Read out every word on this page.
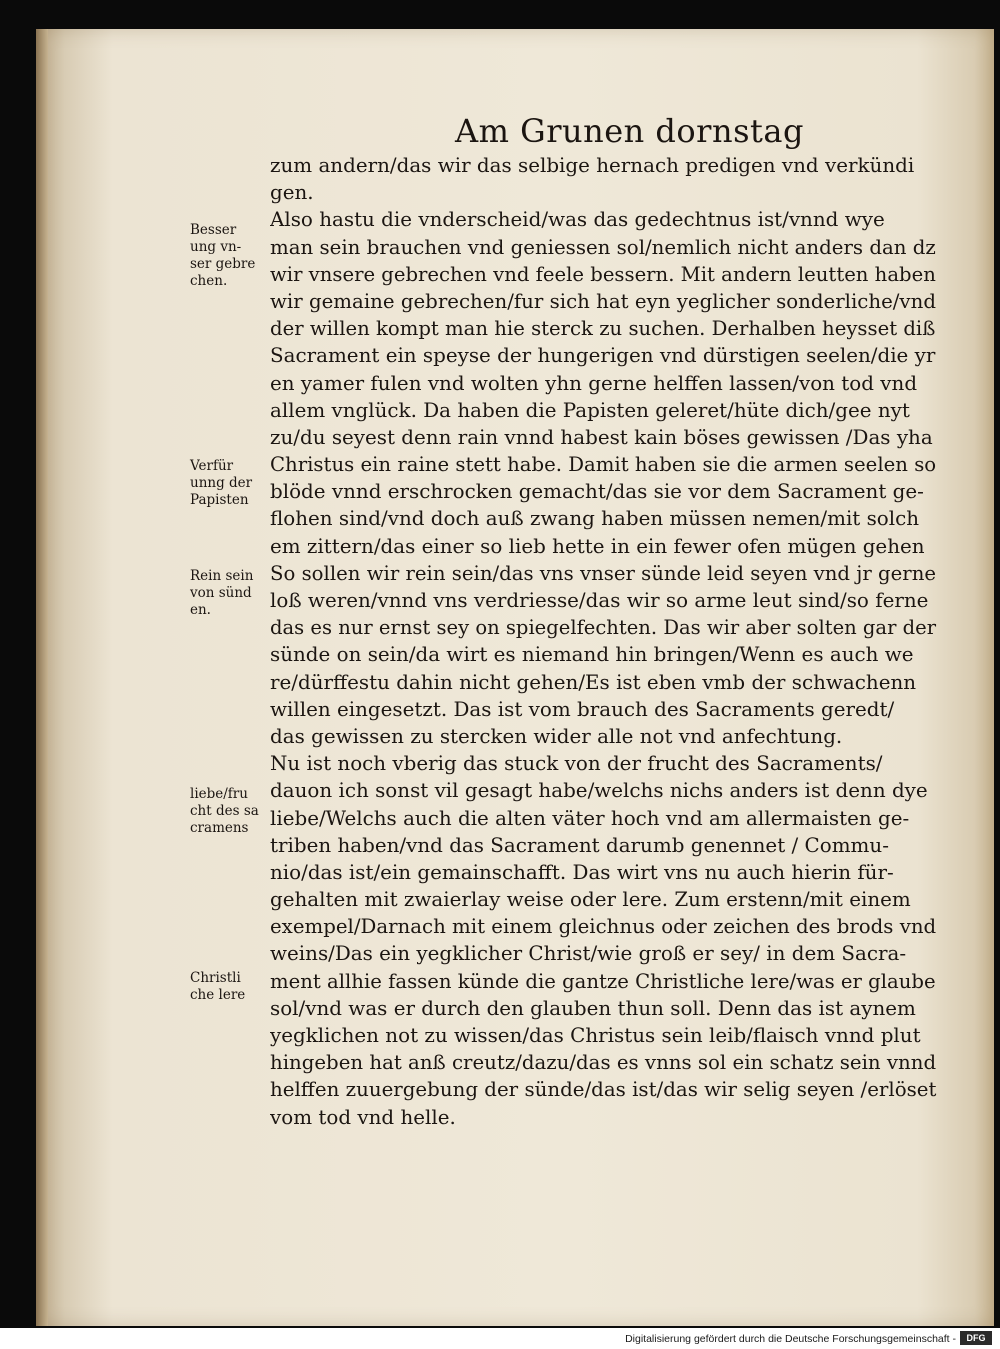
Am Grunen dornstag
zum andern/das wir das selbige hernach predigen vnd verkündi
gen.
Also hastu die vnderscheid/was das gedechtnus ist/vnnd wye
man sein brauchen vnd geniessen sol/nemlich nicht anders dan dz
wir vnsere gebrechen vnd feele bessern. Mit andern leutten haben
wir gemaine gebrechen/fur sich hat eyn yeglicher sonderliche/vnd
der willen kompt man hie sterck zu suchen. Derhalben heysset diß
Sacrament ein speyse der hungerigen vnd dürstigen seelen/die yr
en yamer fulen vnd wolten yhn gerne helffen lassen/von tod vnd
allem vnglück. Da haben die Papisten geleret/hüte dich/gee nyt
zu/du seyest denn rain vnnd habest kain böses gewissen /Das yha
Christus ein raine stett habe. Damit haben sie die armen seelen so
blöde vnnd erschrocken gemacht/das sie vor dem Sacrament ge-
flohen sind/vnd doch auß zwang haben müssen nemen/mit solch
em zittern/das einer so lieb hette in ein fewer ofen mügen gehen
So sollen wir rein sein/das vns vnser sünde leid seyen vnd jr gerne
loß weren/vnnd vns verdriesse/das wir so arme leut sind/so ferne
das es nur ernst sey on spiegelfechten. Das wir aber solten gar der
sünde on sein/da wirt es niemand hin bringen/Wenn es auch we
re/dürffestu dahin nicht gehen/Es ist eben vmb der schwachenn
willen eingesetzt. Das ist vom brauch des Sacraments geredt/
das gewissen zu stercken wider alle not vnd anfechtung.
Nu ist noch vberig das stuck von der frucht des Sacraments/
dauon ich sonst vil gesagt habe/welchs nichs anders ist denn dye
liebe/Welchs auch die alten väter hoch vnd am allermaisten ge-
triben haben/vnd das Sacrament darumb genennet / Commu-
nio/das ist/ein gemainschafft. Das wirt vns nu auch hierin für-
gehalten mit zwaierlay weise oder lere. Zum erstenn/mit einem
exempel/Darnach mit einem gleichnus oder zeichen des brods vnd
weins/Das ein yegklicher Christ/wie groß er sey/ in dem Sacra-
ment allhie fassen künde die gantze Christliche lere/was er glaube
sol/vnd was er durch den glauben thun soll. Denn das ist aynem
yegklichen not zu wissen/das Christus sein leib/flaisch vnnd plut
hingeben hat anß creutz/dazu/das es vnns sol ein schatz sein vnnd
helffen zuuergebung der sünde/das ist/das wir selig seyen /erlöset
vom tod vnd helle.
Besser
ung vn-
ser gebre
chen.
Verfür
unng der
Papisten
Rein sein
von sünd
en.
liebe/fru
cht des sa
cramens
Christli
che lere
Digitalisierung gefördert durch die Deutsche Forschungsgemeinschaft -	DFG
